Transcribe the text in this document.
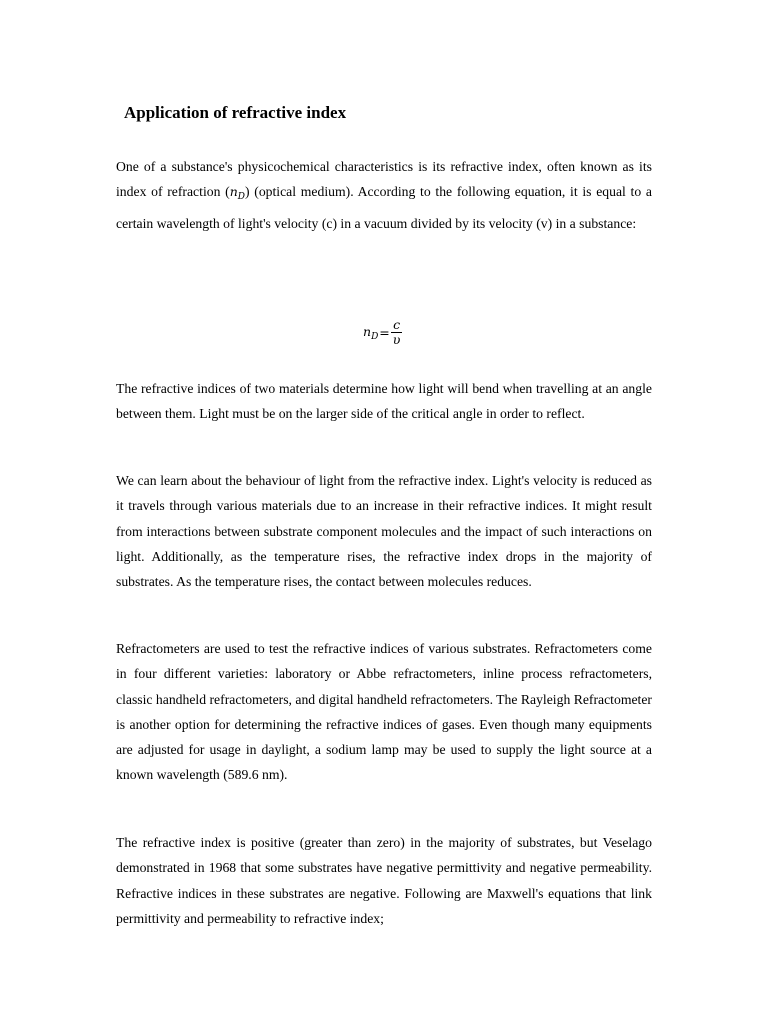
Application of refractive index

One of a substance's physicochemical characteristics is its refractive index, often known as its index of refraction $(n_D)$ (optical medium). According to the following equation, it is equal to a certain wavelength of light's velocity (c) in a vacuum divided by its velocity (v) in a substance:

$n_D = \frac{c}{\upsilon}$

The refractive indices of two materials determine how light will bend when travelling at an angle between them. Light must be on the larger side of the critical angle in order to reflect.

We can learn about the behaviour of light from the refractive index. Light's velocity is reduced as it travels through various materials due to an increase in their refractive indices. It might result from interactions between substrate component molecules and the impact of such interactions on light. Additionally, as the temperature rises, the refractive index drops in the majority of substrates. As the temperature rises, the contact between molecules reduces.

Refractometers are used to test the refractive indices of various substrates. Refractometers come in four different varieties: laboratory or Abbe refractometers, inline process refractometers, classic handheld refractometers, and digital handheld refractometers. The Rayleigh Refractometer is another option for determining the refractive indices of gases. Even though many equipments are adjusted for usage in daylight, a sodium lamp may be used to supply the light source at a known wavelength (589.6 nm).

The refractive index is positive (greater than zero) in the majority of substrates, but Veselago demonstrated in 1968 that some substrates have negative permittivity and negative permeability. Refractive indices in these substrates are negative. Following are Maxwell's equations that link permittivity and permeability to refractive index;
